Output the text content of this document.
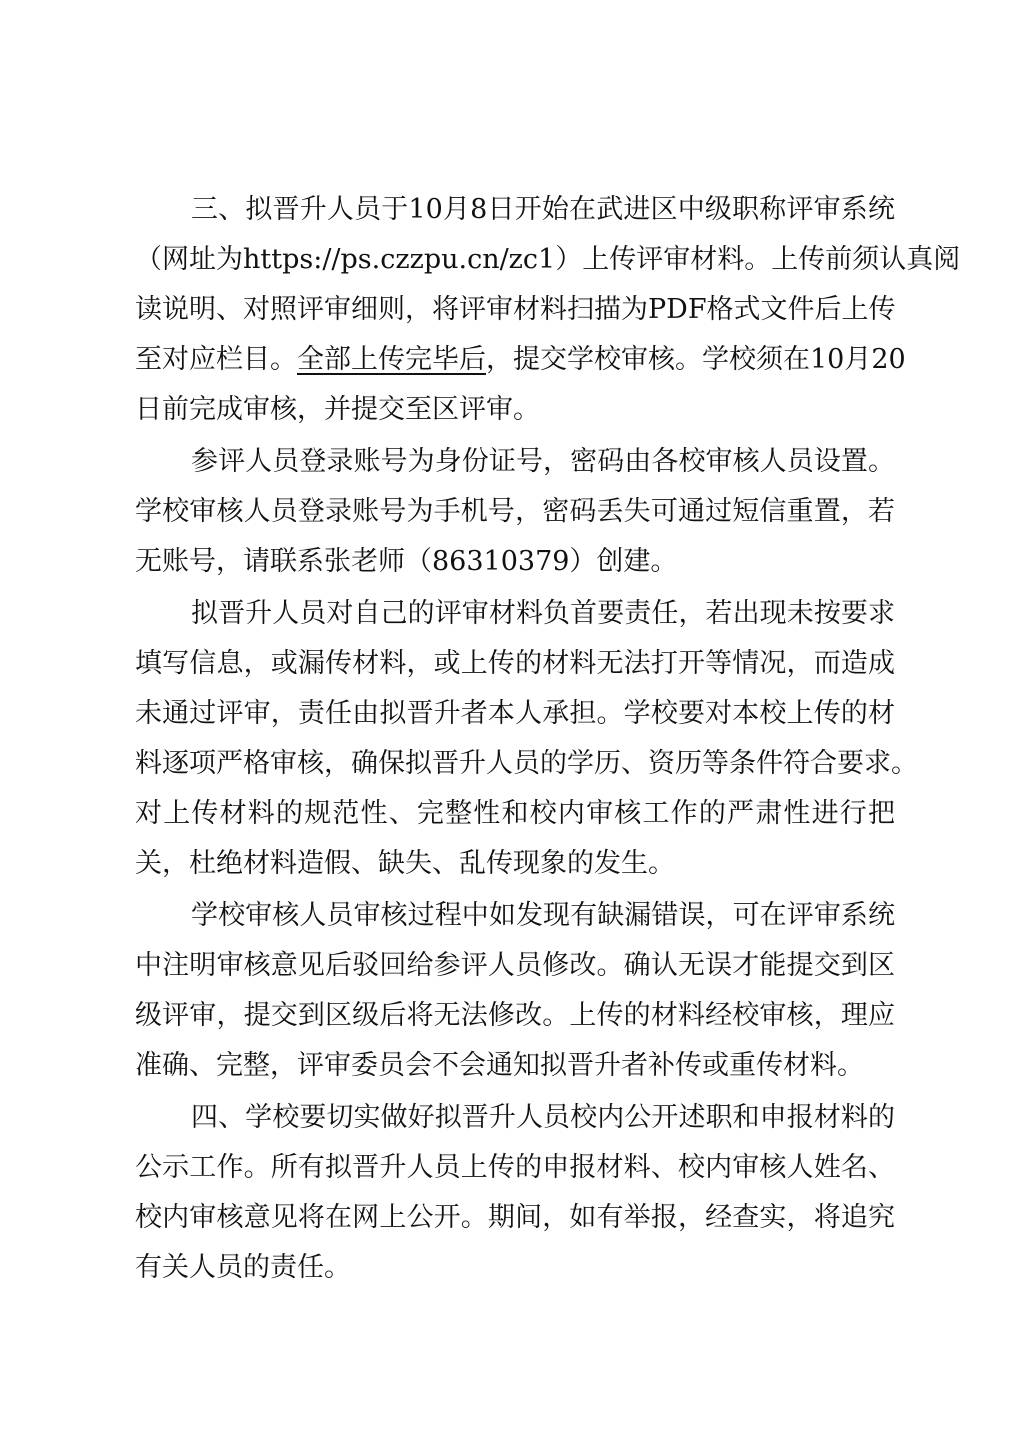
三、拟晋升人员于10月8日开始在武进区中级职称评审系统
（网址为https://ps.czzpu.cn/zc1）上传评审材料。上传前须认真阅
读说明、对照评审细则，将评审材料扫描为PDF格式文件后上传
至对应栏目。全部上传完毕后，提交学校审核。学校须在10月20
日前完成审核，并提交至区评审。
参评人员登录账号为身份证号，密码由各校审核人员设置。
学校审核人员登录账号为手机号，密码丢失可通过短信重置，若
无账号，请联系张老师（86310379）创建。
拟晋升人员对自己的评审材料负首要责任，若出现未按要求
填写信息，或漏传材料，或上传的材料无法打开等情况，而造成
未通过评审，责任由拟晋升者本人承担。学校要对本校上传的材
料逐项严格审核，确保拟晋升人员的学历、资历等条件符合要求。
对上传材料的规范性、完整性和校内审核工作的严肃性进行把
关，杜绝材料造假、缺失、乱传现象的发生。
学校审核人员审核过程中如发现有缺漏错误，可在评审系统
中注明审核意见后驳回给参评人员修改。确认无误才能提交到区
级评审，提交到区级后将无法修改。上传的材料经校审核，理应
准确、完整，评审委员会不会通知拟晋升者补传或重传材料。
四、学校要切实做好拟晋升人员校内公开述职和申报材料的
公示工作。所有拟晋升人员上传的申报材料、校内审核人姓名、
校内审核意见将在网上公开。期间，如有举报，经查实，将追究
有关人员的责任。
